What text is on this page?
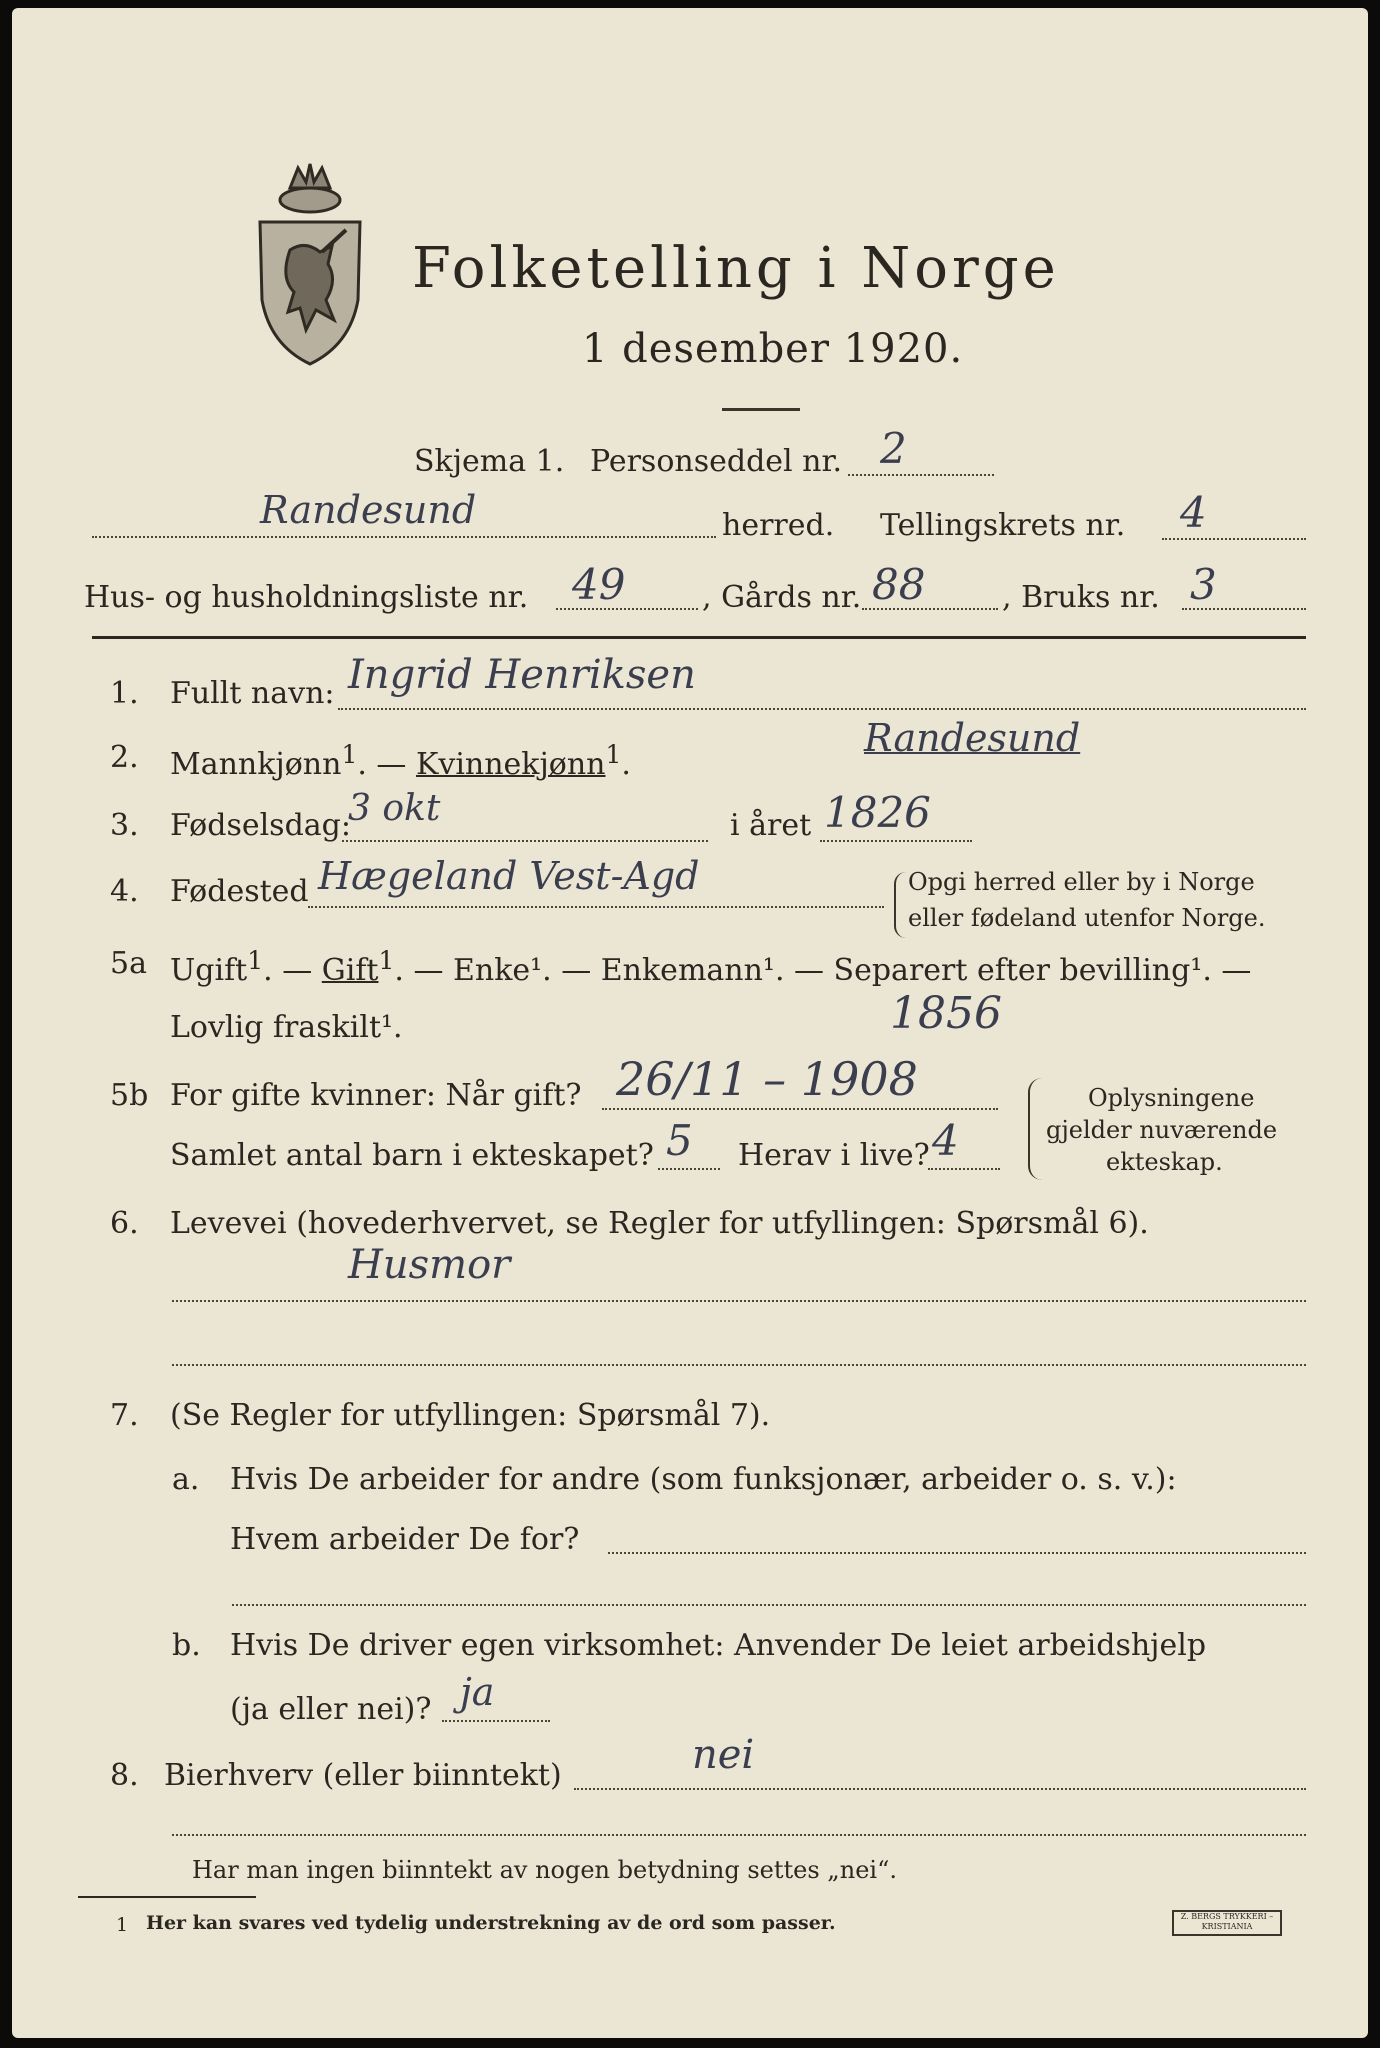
Folketelling i Norge
1 desember 1920.
Skjema 1. Personseddel nr. 2
Randesund	herred. Tellingskrets nr. 4
Hus- og husholdningsliste nr. 49	, Gårds nr. 88	, Bruks nr. 3
1. Fullt navn: Ingrid Henriksen
2. Mannkjønn$^1$. — Kvinnekjønn$^1$.
Randesund
3. Fødselsdag:
3 okt	i året 1826
4. Fødested Hægeland Vest-Agd	Opgi herred eller by i Norge
eller fødeland utenfor Norge.
5a Ugift$^1$. — Gift$^1$. — Enke¹. — Enkemann¹. — Separert efter bevilling¹. —
Lovlig fraskilt¹.	1856
5b For gifte kvinner: Når gift? 26/11 – 1908
Samlet antal barn i ekteskapet? 5 Herav i live? 4
Oplysningene
gjelder nuværende
ekteskap.
6. Levevei (hovederhvervet, se Regler for utfyllingen: Spørsmål 6).
Husmor
7. (Se Regler for utfyllingen: Spørsmål 7).
a. Hvis De arbeider for andre (som funksjonær, arbeider o. s. v.):
Hvem arbeider De for?
b. Hvis De driver egen virksomhet: Anvender De leiet arbeidshjelp
(ja eller nei)? ja
8. Bierhverv (eller biinntekt)	nei
Har man ingen biinntekt av nogen betydning settes „nei“.
1 Her kan svares ved tydelig understrekning av de ord som passer.	Z. BERGS TRYKKERI – KRISTIANIA
